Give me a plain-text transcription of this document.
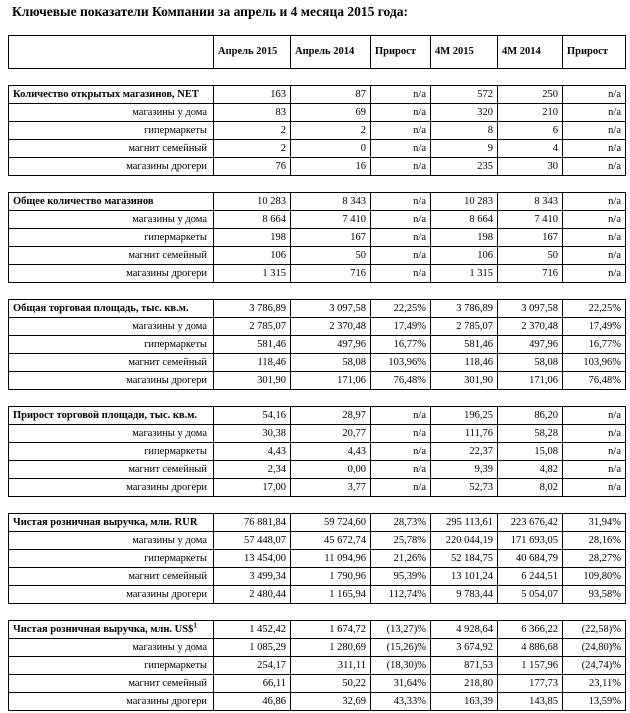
Ключевые показатели Компании за апрель и 4 месяца 2015 года:
	Апрель 2015	Апрель 2014	Прирост	4М 2015	4М 2014	Прирост

Количество открытых магазинов, NET	163	87	n/a	572	250	n/a
магазины у дома	83	69	n/a	320	210	n/a
гипермаркеты	2	2	n/a	8	6	n/a
магнит семейный	2	0	n/a	9	4	n/a
магазины дрогери	76	16	n/a	235	30	n/a

Общее количество магазинов	10 283	8 343	n/a	10 283	8 343	n/a
магазины у дома	8 664	7 410	n/a	8 664	7 410	n/a
гипермаркеты	198	167	n/a	198	167	n/a
магнит семейный	106	50	n/a	106	50	n/a
магазины дрогери	1 315	716	n/a	1 315	716	n/a

Общая торговая площадь, тыс. кв.м.	3 786,89	3 097,58	22,25%	3 786,89	3 097,58	22,25%
магазины у дома	2 785,07	2 370,48	17,49%	2 785,07	2 370,48	17,49%
гипермаркеты	581,46	497,96	16,77%	581,46	497,96	16,77%
магнит семейный	118,46	58,08	103,96%	118,46	58,08	103,96%
магазины дрогери	301,90	171,06	76,48%	301,90	171,06	76,48%

Прирост торговой площади, тыс. кв.м.	54,16	28,97	n/a	196,25	86,20	n/a
магазины у дома	30,38	20,77	n/a	111,76	58,28	n/a
гипермаркеты	4,43	4,43	n/a	22,37	15,08	n/a
магнит семейный	2,34	0,00	n/a	9,39	4,82	n/a
магазины дрогери	17,00	3,77	n/a	52,73	8,02	n/a

Чистая розничная выручка, млн. RUR	76 881,84	59 724,60	28,73%	295 113,61	223 676,42	31,94%
магазины у дома	57 448,07	45 672,74	25,78%	220 044,19	171 693,05	28,16%
гипермаркеты	13 454,00	11 094,96	21,26%	52 184,75	40 684,79	28,27%
магнит семейный	3 499,34	1 790,96	95,39%	13 101,24	6 244,51	109,80%
магазины дрогери	2 480,44	1 165,94	112,74%	9 783,44	5 054,07	93,58%

Чистая розничная выручка, млн. US\$$^1$	1 452,42	1 674,72	(13,27)%	4 928,64	6 366,22	(22,58)%
магазины у дома	1 085,29	1 280,69	(15,26)%	3 674,92	4 886,68	(24,80)%
гипермаркеты	254,17	311,11	(18,30)%	871,53	1 157,96	(24,74)%
магнит семейный	66,11	50,22	31,64%	218,80	177,73	23,11%
магазины дрогери	46,86	32,69	43,33%	163,39	143,85	13,59%
